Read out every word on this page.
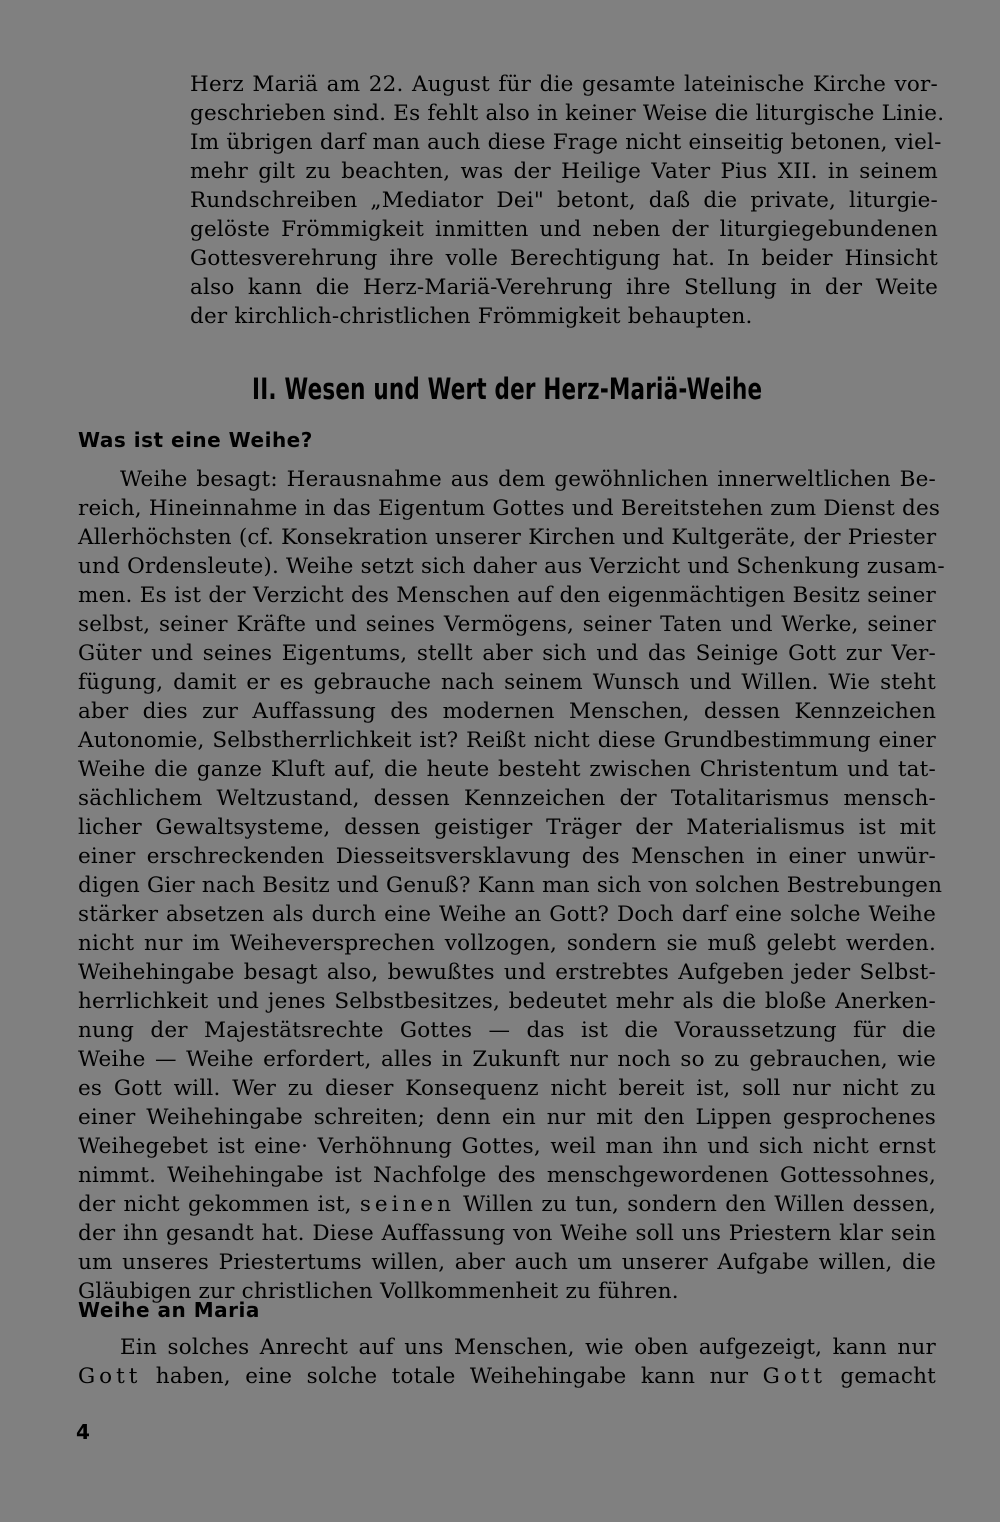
Herz Mariä am 22. August für die gesamte lateinische Kirche vor-
geschrieben sind. Es fehlt also in keiner Weise die liturgische Linie.
Im übrigen darf man auch diese Frage nicht einseitig betonen, viel-
mehr gilt zu beachten, was der Heilige Vater Pius XII. in seinem
Rundschreiben „Mediator Dei" betont, daß die private, liturgie-
gelöste Frömmigkeit inmitten und neben der liturgiegebundenen
Gottesverehrung ihre volle Berechtigung hat. In beider Hinsicht
also kann die Herz-Mariä-Verehrung ihre Stellung in der Weite
der kirchlich-christlichen Frömmigkeit behaupten.
II. Wesen und Wert der Herz-Mariä-Weihe
Was ist eine Weihe?
Weihe besagt: Herausnahme aus dem gewöhnlichen innerweltlichen Be-
reich, Hineinnahme in das Eigentum Gottes und Bereitstehen zum Dienst des
Allerhöchsten (cf. Konsekration unserer Kirchen und Kultgeräte, der Priester
und Ordensleute). Weihe setzt sich daher aus Verzicht und Schenkung zusam-
men. Es ist der Verzicht des Menschen auf den eigenmächtigen Besitz seiner
selbst, seiner Kräfte und seines Vermögens, seiner Taten und Werke, seiner
Güter und seines Eigentums, stellt aber sich und das Seinige Gott zur Ver-
fügung, damit er es gebrauche nach seinem Wunsch und Willen. Wie steht
aber dies zur Auffassung des modernen Menschen, dessen Kennzeichen
Autonomie, Selbstherrlichkeit ist? Reißt nicht diese Grundbestimmung einer
Weihe die ganze Kluft auf, die heute besteht zwischen Christentum und tat-
sächlichem Weltzustand, dessen Kennzeichen der Totalitarismus mensch-
licher Gewaltsysteme, dessen geistiger Träger der Materialismus ist mit
einer erschreckenden Diesseitsversklavung des Menschen in einer unwür-
digen Gier nach Besitz und Genuß? Kann man sich von solchen Bestrebungen
stärker absetzen als durch eine Weihe an Gott? Doch darf eine solche Weihe
nicht nur im Weiheversprechen vollzogen, sondern sie muß gelebt werden.
Weihehingabe besagt also, bewußtes und erstrebtes Aufgeben jeder Selbst-
herrlichkeit und jenes Selbstbesitzes, bedeutet mehr als die bloße Anerken-
nung der Majestätsrechte Gottes — das ist die Voraussetzung für die
Weihe — Weihe erfordert, alles in Zukunft nur noch so zu gebrauchen, wie
es Gott will. Wer zu dieser Konsequenz nicht bereit ist, soll nur nicht zu
einer Weihehingabe schreiten; denn ein nur mit den Lippen gesprochenes
Weihegebet ist eine· Verhöhnung Gottes, weil man ihn und sich nicht ernst
nimmt. Weihehingabe ist Nachfolge des menschgewordenen Gottessohnes,
der nicht gekommen ist, seinen Willen zu tun, sondern den Willen dessen,
der ihn gesandt hat. Diese Auffassung von Weihe soll uns Priestern klar sein
um unseres Priestertums willen, aber auch um unserer Aufgabe willen, die
Gläubigen zur christlichen Vollkommenheit zu führen.
Weihe an Maria
Ein solches Anrecht auf uns Menschen, wie oben aufgezeigt, kann nur
Gott haben, eine solche totale Weihehingabe kann nur Gott gemacht
4
